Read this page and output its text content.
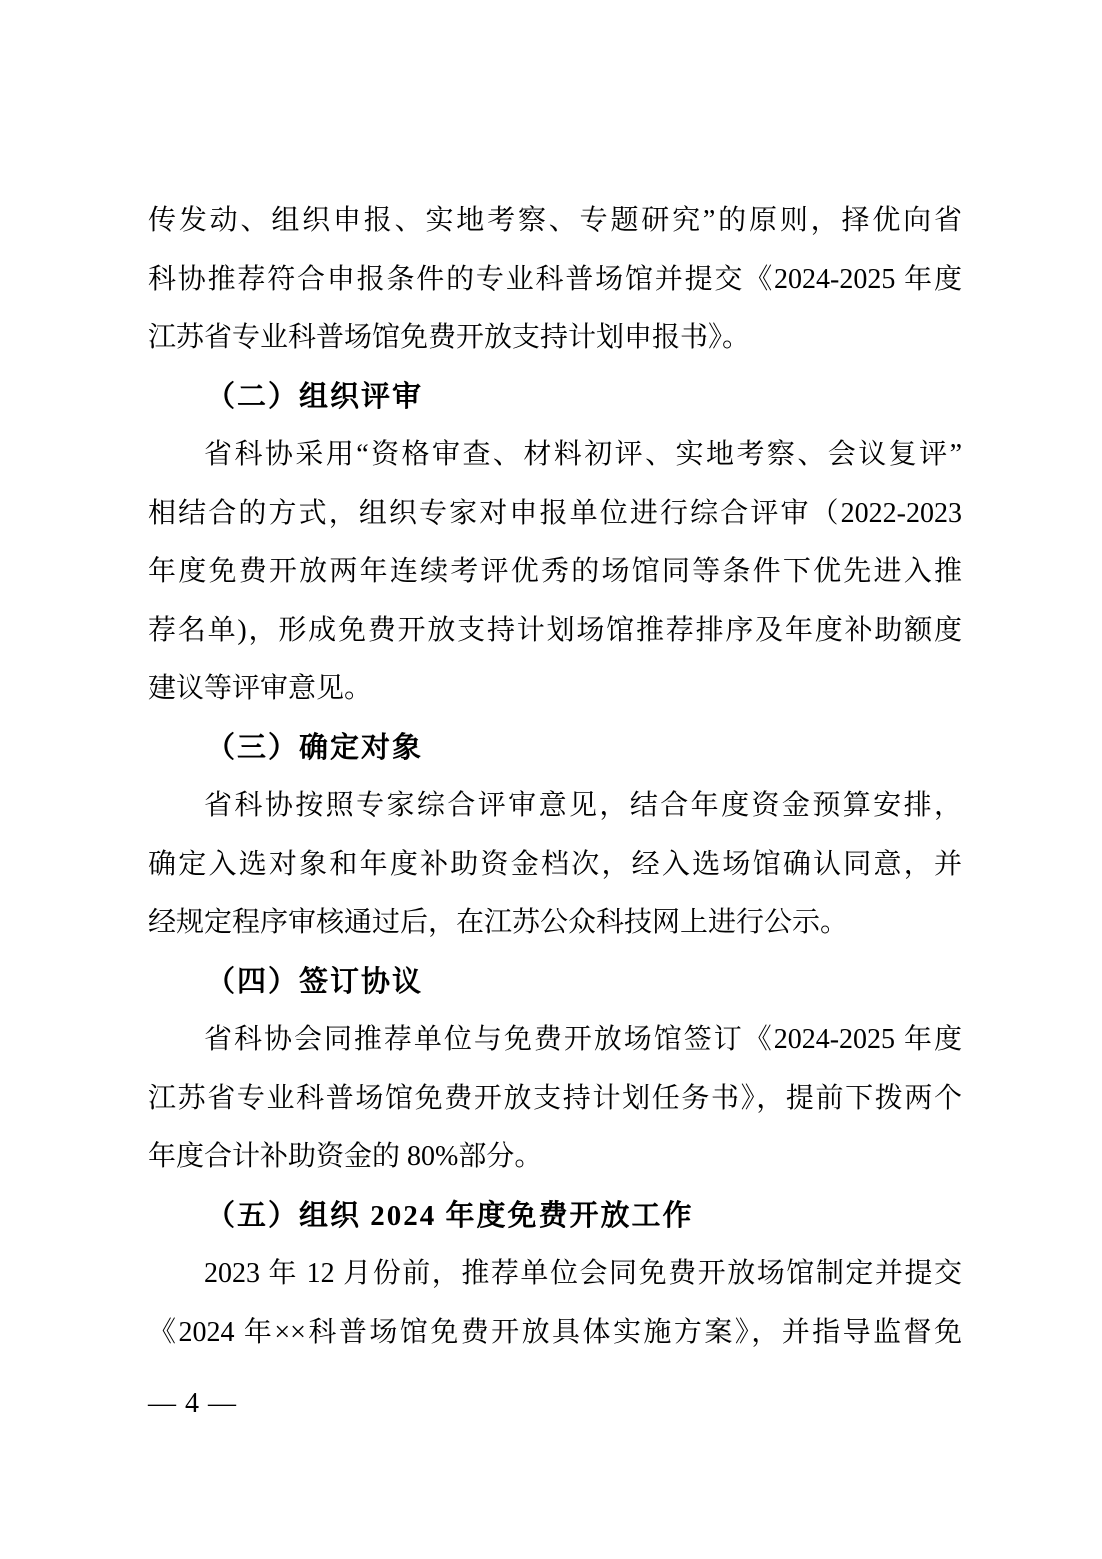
传发动、组织申报、实地考察、专题研究”的原则，择优向省
科协推荐符合申报条件的专业科普场馆并提交《2024-2025 年度
江苏省专业科普场馆免费开放支持计划申报书》。
（二）组织评审
省科协采用“资格审查、材料初评、实地考察、会议复评”
相结合的方式，组织专家对申报单位进行综合评审（2022-2023
年度免费开放两年连续考评优秀的场馆同等条件下优先进入推
荐名单)，形成免费开放支持计划场馆推荐排序及年度补助额度
建议等评审意见。
（三）确定对象
省科协按照专家综合评审意见，结合年度资金预算安排，
确定入选对象和年度补助资金档次，经入选场馆确认同意，并
经规定程序审核通过后，在江苏公众科技网上进行公示。
（四）签订协议
省科协会同推荐单位与免费开放场馆签订《2024-2025 年度
江苏省专业科普场馆免费开放支持计划任务书》，提前下拨两个
年度合计补助资金的 80%部分。
（五）组织 2024 年度免费开放工作
2023 年 12 月份前，推荐单位会同免费开放场馆制定并提交
《2024 年××科普场馆免费开放具体实施方案》，并指导监督免
— 4 —
